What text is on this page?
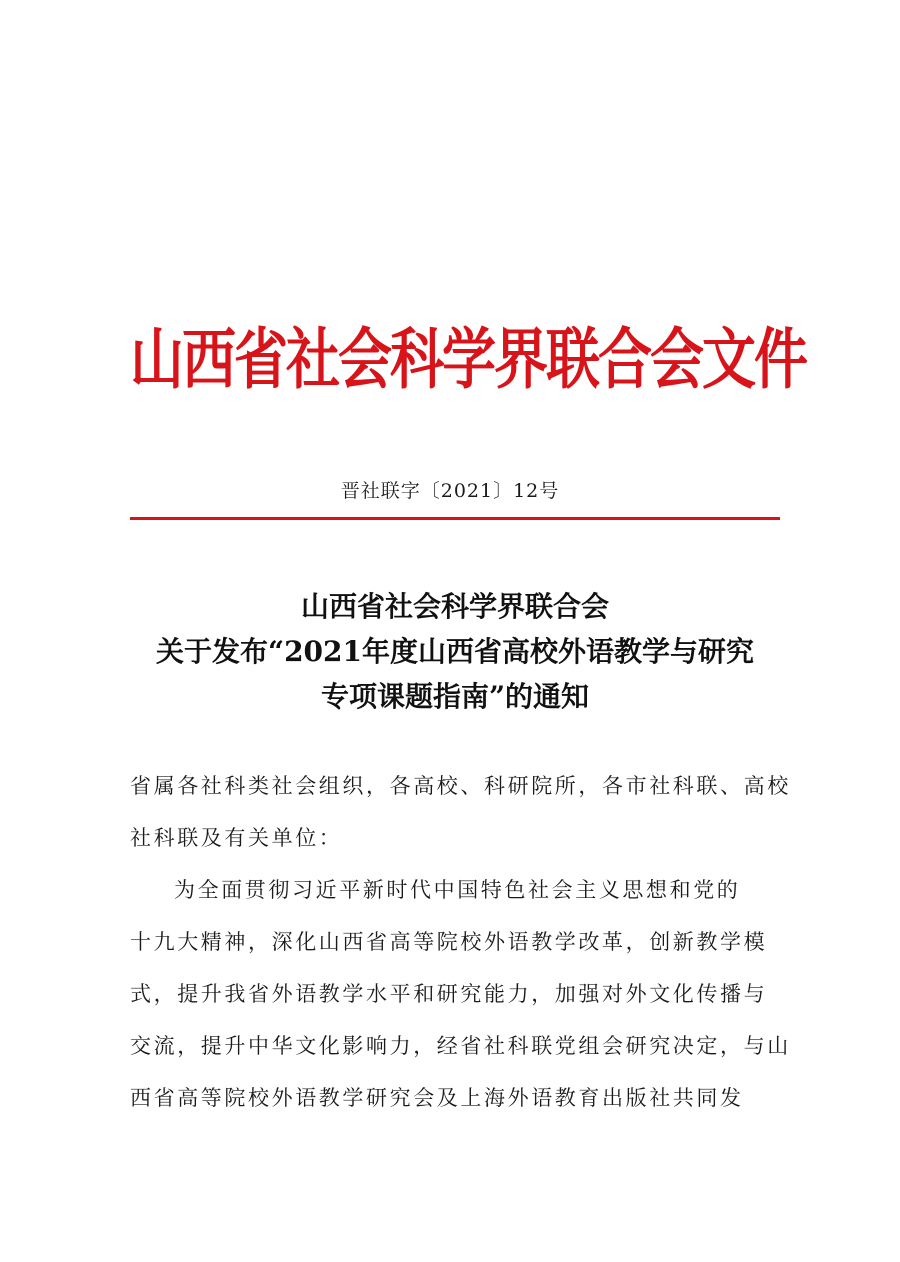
山西省社会科学界联合会文件
晋社联字〔2021〕12号
山西省社会科学界联合会
关于发布“2021年度山西省高校外语教学与研究
专项课题指南”的通知
省属各社科类社会组织，各高校、科研院所，各市社科联、高校
社科联及有关单位：
为全面贯彻习近平新时代中国特色社会主义思想和党的
十九大精神，深化山西省高等院校外语教学改革，创新教学模
式，提升我省外语教学水平和研究能力，加强对外文化传播与
交流，提升中华文化影响力，经省社科联党组会研究决定，与山
西省高等院校外语教学研究会及上海外语教育出版社共同发
